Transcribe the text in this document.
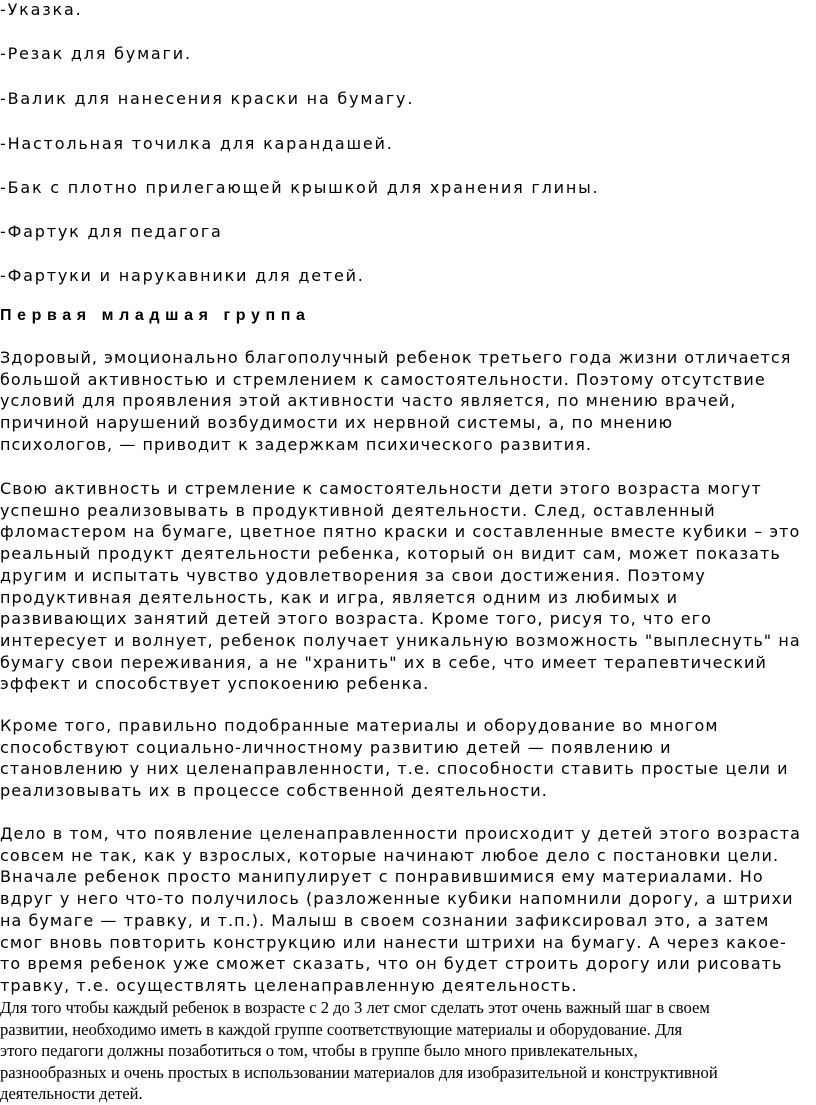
-Указка.
-Резак для бумаги.
-Валик для нанесения краски на бумагу.
-Настольная точилка для карандашей.
-Бак с плотно прилегающей крышкой для хранения глины.
-Фартук для педагога
-Фартуки и нарукавники для детей.
Первая младшая группа
Здоровый, эмоционально благополучный ребенок третьего года жизни отличается
большой активностью и стремлением к самостоятельности. Поэтому отсутствие
условий для проявления этой активности часто является, по мнению врачей,
причиной нарушений возбудимости их нервной системы, а, по мнению
психологов, — приводит к задержкам психического развития.
Свою активность и стремление к самостоятельности дети этого возраста могут
успешно реализовывать в продуктивной деятельности. След, оставленный
фломастером на бумаге, цветное пятно краски и составленные вместе кубики – это
реальный продукт деятельности ребенка, который он видит сам, может показать
другим и испытать чувство удовлетворения за свои достижения. Поэтому
продуктивная деятельность, как и игра, является одним из любимых и
развивающих занятий детей этого возраста. Кроме того, рисуя то, что его
интересует и волнует, ребенок получает уникальную возможность "выплеснуть" на
бумагу свои переживания, а не "хранить" их в себе, что имеет терапевтический
эффект и способствует успокоению ребенка.
Кроме того, правильно подобранные материалы и оборудование во многом
способствуют социально-личностному развитию детей — появлению и
становлению у них целенаправленности, т.е. способности ставить простые цели и
реализовывать их в процессе собственной деятельности.
Дело в том, что появление целенаправленности происходит у детей этого возраста
совсем не так, как у взрослых, которые начинают любое дело с постановки цели.
Вначале ребенок просто манипулирует с понравившимися ему материалами. Но
вдруг у него что-то получилось (разложенные кубики напомнили дорогу, а штрихи
на бумаге — травку, и т.п.). Малыш в своем сознании зафиксировал это, а затем
смог вновь повторить конструкцию или нанести штрихи на бумагу. А через какое-
то время ребенок уже сможет сказать, что он будет строить дорогу или рисовать
травку, т.е. осуществлять целенаправленную деятельность.
Для того чтобы каждый ребенок в возрасте с 2 до 3 лет смог сделать этот очень важный шаг в своем
развитии, необходимо иметь в каждой группе соответствующие материалы и оборудование. Для
этого педагоги должны позаботиться о том, чтобы в группе было много привлекательных,
разнообразных и очень простых в использовании материалов для изобразительной и конструктивной
деятельности детей.
